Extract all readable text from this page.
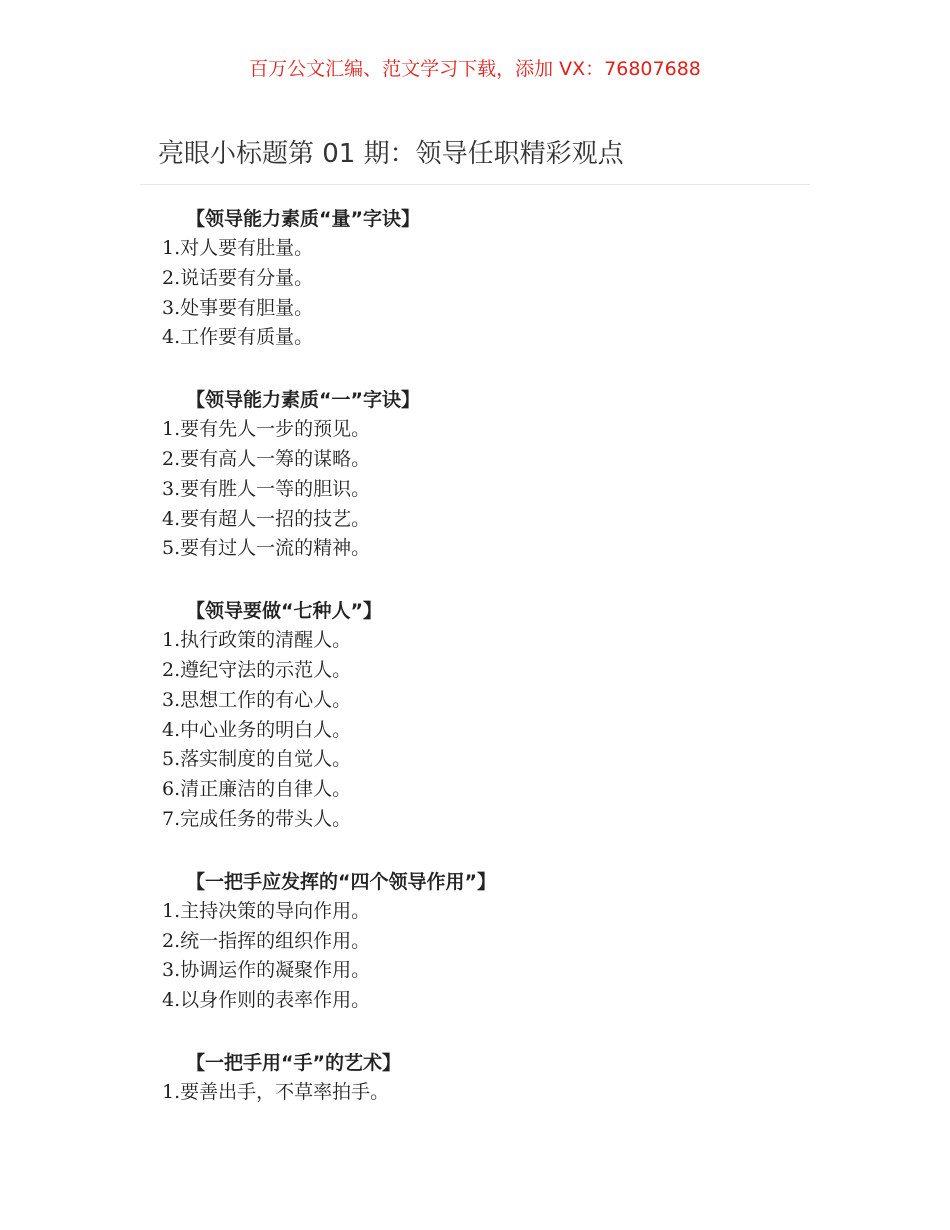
百万公文汇编、范文学习下载，添加 VX：76807688
亮眼小标题第 01 期：领导任职精彩观点
【领导能力素质“量”字诀】
1.对人要有肚量。
2.说话要有分量。
3.处事要有胆量。
4.工作要有质量。
【领导能力素质“一”字诀】
1.要有先人一步的预见。
2.要有高人一筹的谋略。
3.要有胜人一等的胆识。
4.要有超人一招的技艺。
5.要有过人一流的精神。
【领导要做“七种人”】
1.执行政策的清醒人。
2.遵纪守法的示范人。
3.思想工作的有心人。
4.中心业务的明白人。
5.落实制度的自觉人。
6.清正廉洁的自律人。
7.完成任务的带头人。
【一把手应发挥的“四个领导作用”】
1.主持决策的导向作用。
2.统一指挥的组织作用。
3.协调运作的凝聚作用。
4.以身作则的表率作用。
【一把手用“手”的艺术】
1.要善出手，不草率拍手。
